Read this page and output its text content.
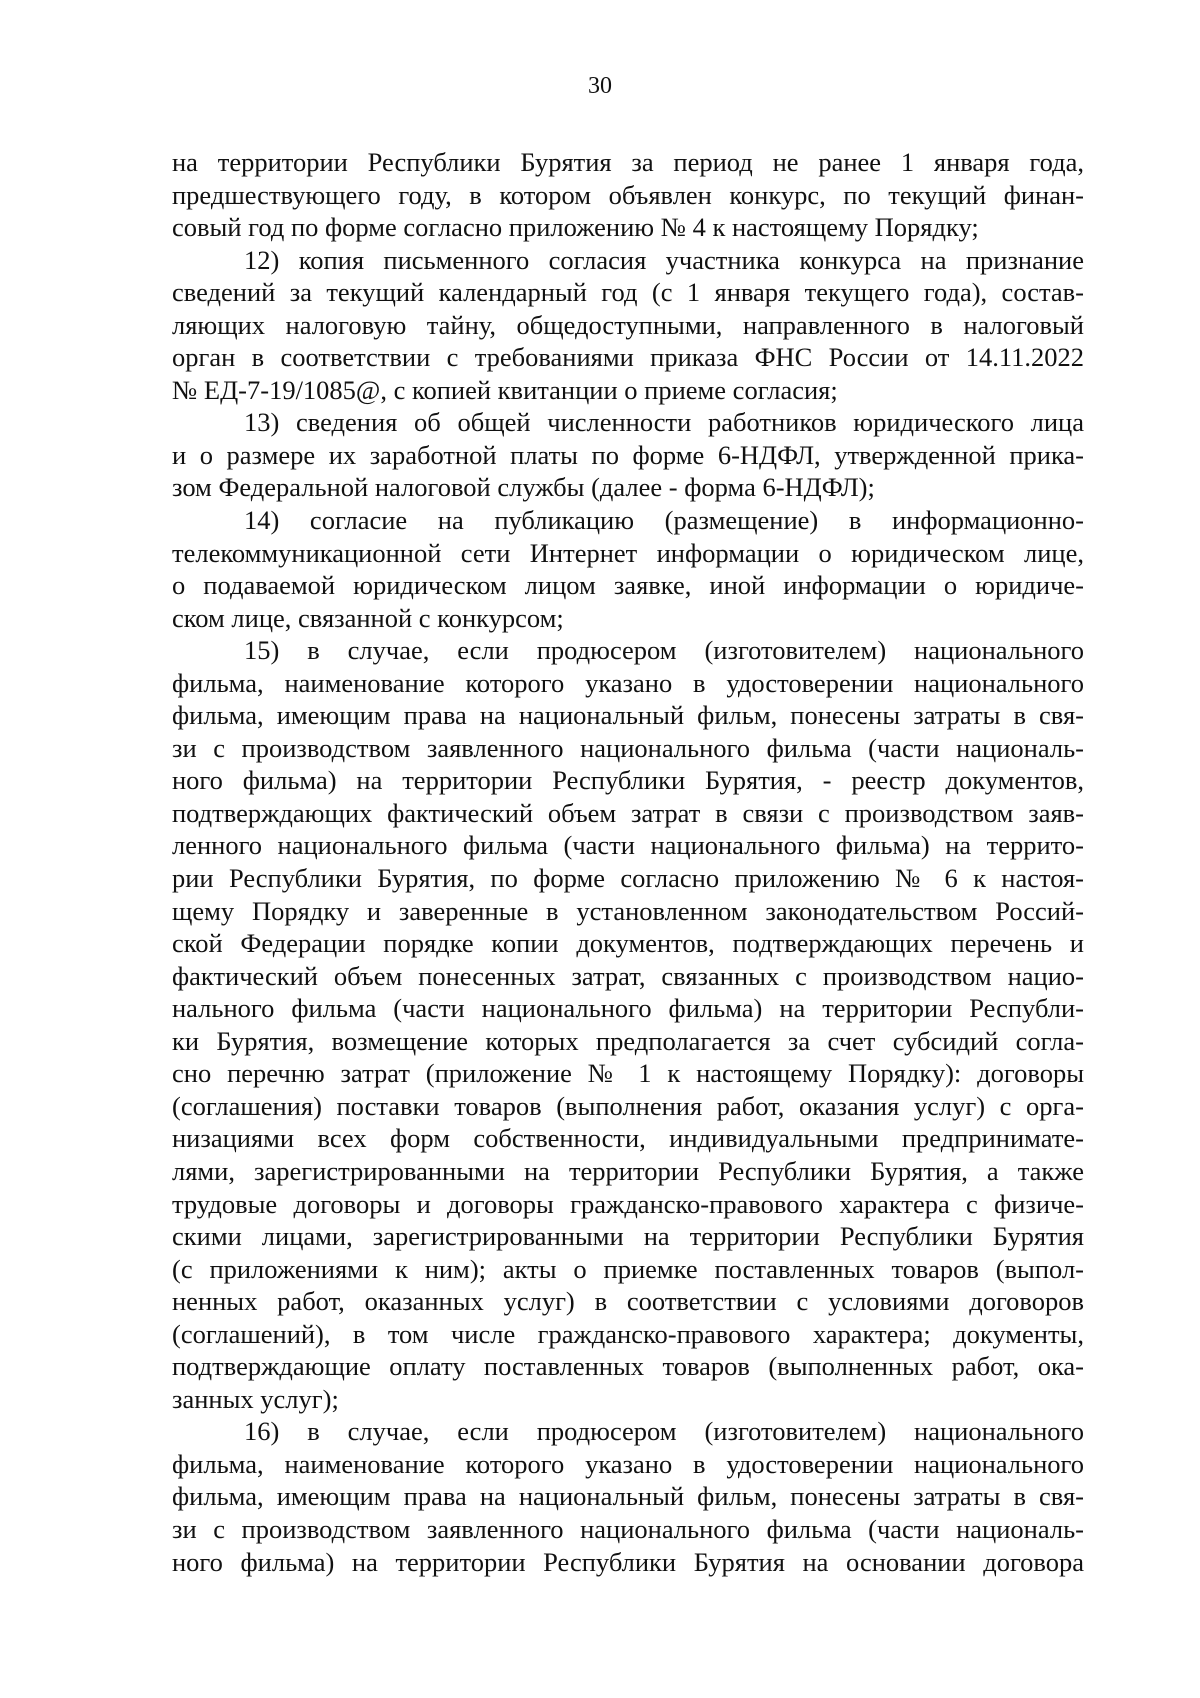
30
на территории Республики Бурятия за период не ранее 1 января года,
предшествующего году, в котором объявлен конкурс, по текущий финан-
совый год по форме согласно приложению № 4 к настоящему Порядку;
12) копия письменного согласия участника конкурса на признание
сведений за текущий календарный год (с 1 января текущего года), состав-
ляющих налоговую тайну, общедоступными, направленного в налоговый
орган в соответствии с требованиями приказа ФНС России от 14.11.2022
№ ЕД-7-19/1085@, с копией квитанции о приеме согласия;
13) сведения об общей численности работников юридического лица
и о размере их заработной платы по форме 6-НДФЛ, утвержденной прика-
зом Федеральной налоговой службы (далее - форма 6-НДФЛ);
14) согласие на публикацию (размещение) в информационно-
телекоммуникационной сети Интернет информации о юридическом лице,
о подаваемой юридическом лицом заявке, иной информации о юридиче-
ском лице, связанной с конкурсом;
15) в случае, если продюсером (изготовителем) национального
фильма, наименование которого указано в удостоверении национального
фильма, имеющим права на национальный фильм, понесены затраты в свя-
зи с производством заявленного национального фильма (части националь-
ного фильма) на территории Республики Бурятия, - реестр документов,
подтверждающих фактический объем затрат в связи с производством заяв-
ленного национального фильма (части национального фильма) на террито-
рии Республики Бурятия, по форме согласно приложению № 6 к настоя-
щему Порядку и заверенные в установленном законодательством Россий-
ской Федерации порядке копии документов, подтверждающих перечень и
фактический объем понесенных затрат, связанных с производством нацио-
нального фильма (части национального фильма) на территории Республи-
ки Бурятия, возмещение которых предполагается за счет субсидий согла-
сно перечню затрат (приложение № 1 к настоящему Порядку): договоры
(соглашения) поставки товаров (выполнения работ, оказания услуг) с орга-
низациями всех форм собственности, индивидуальными предпринимате-
лями, зарегистрированными на территории Республики Бурятия, а также
трудовые договоры и договоры гражданско-правового характера с физиче-
скими лицами, зарегистрированными на территории Республики Бурятия
(с приложениями к ним); акты о приемке поставленных товаров (выпол-
ненных работ, оказанных услуг) в соответствии с условиями договоров
(соглашений), в том числе гражданско-правового характера; документы,
подтверждающие оплату поставленных товаров (выполненных работ, ока-
занных услуг);
16) в случае, если продюсером (изготовителем) национального
фильма, наименование которого указано в удостоверении национального
фильма, имеющим права на национальный фильм, понесены затраты в свя-
зи с производством заявленного национального фильма (части националь-
ного фильма) на территории Республики Бурятия на основании договора
